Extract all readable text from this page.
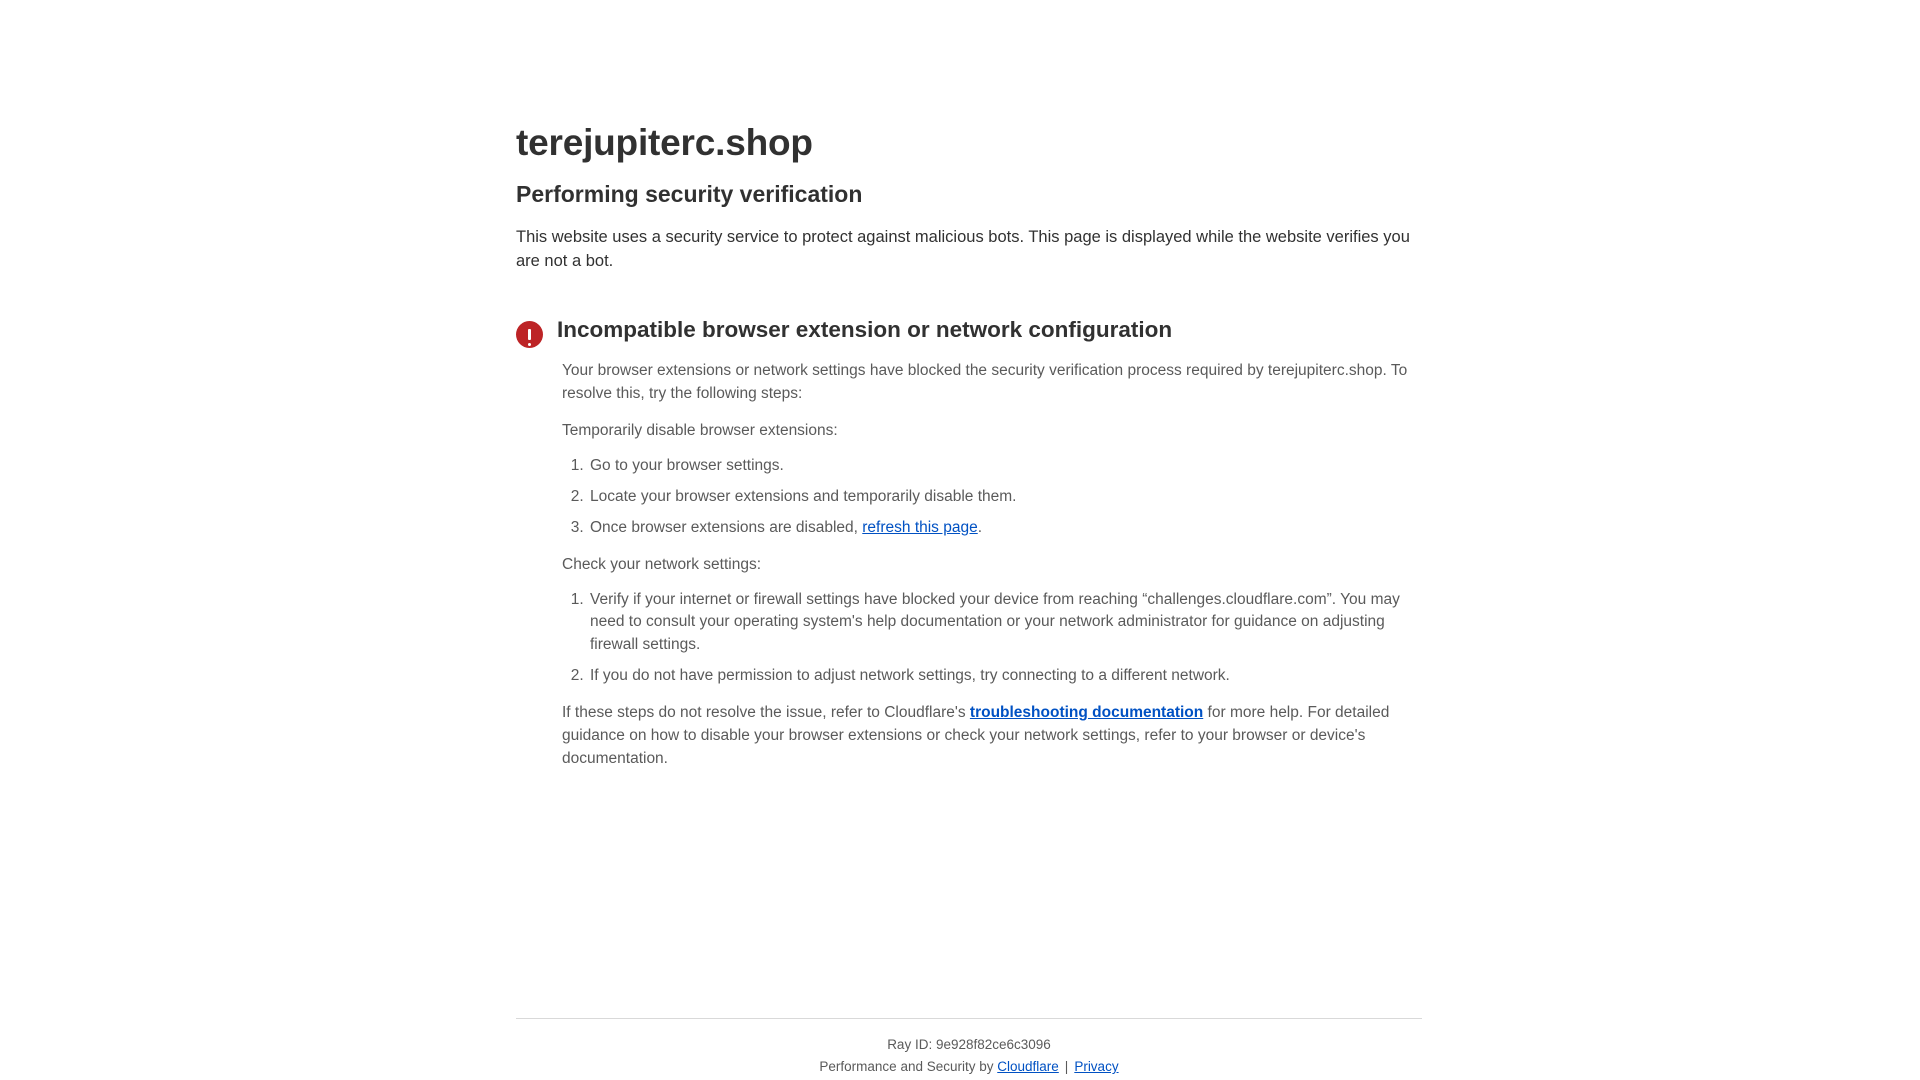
terejupiterc.shop
Performing security verification

This website uses a security service to protect against malicious bots. This page is displayed while the website verifies you are not a bot.

Incompatible browser extension or network configuration

Your browser extensions or network settings have blocked the security verification process required by terejupiterc.shop. To resolve this, try the following steps:

Temporarily disable browser extensions:

1. Go to your browser settings.
2. Locate your browser extensions and temporarily disable them.
3. Once browser extensions are disabled, refresh this page.

Check your network settings:

1. Verify if your internet or firewall settings have blocked your device from reaching “challenges.cloudflare.com”. You may need to consult your operating system's help documentation or your network administrator for guidance on adjusting firewall settings.
2. If you do not have permission to adjust network settings, try connecting to a different network.

If these steps do not resolve the issue, refer to Cloudflare's troubleshooting documentation for more help. For detailed guidance on how to disable your browser extensions or check your network settings, refer to your browser or device's documentation.

Ray ID: 9e928f82ce6c3096
Performance and Security by Cloudflare | Privacy
